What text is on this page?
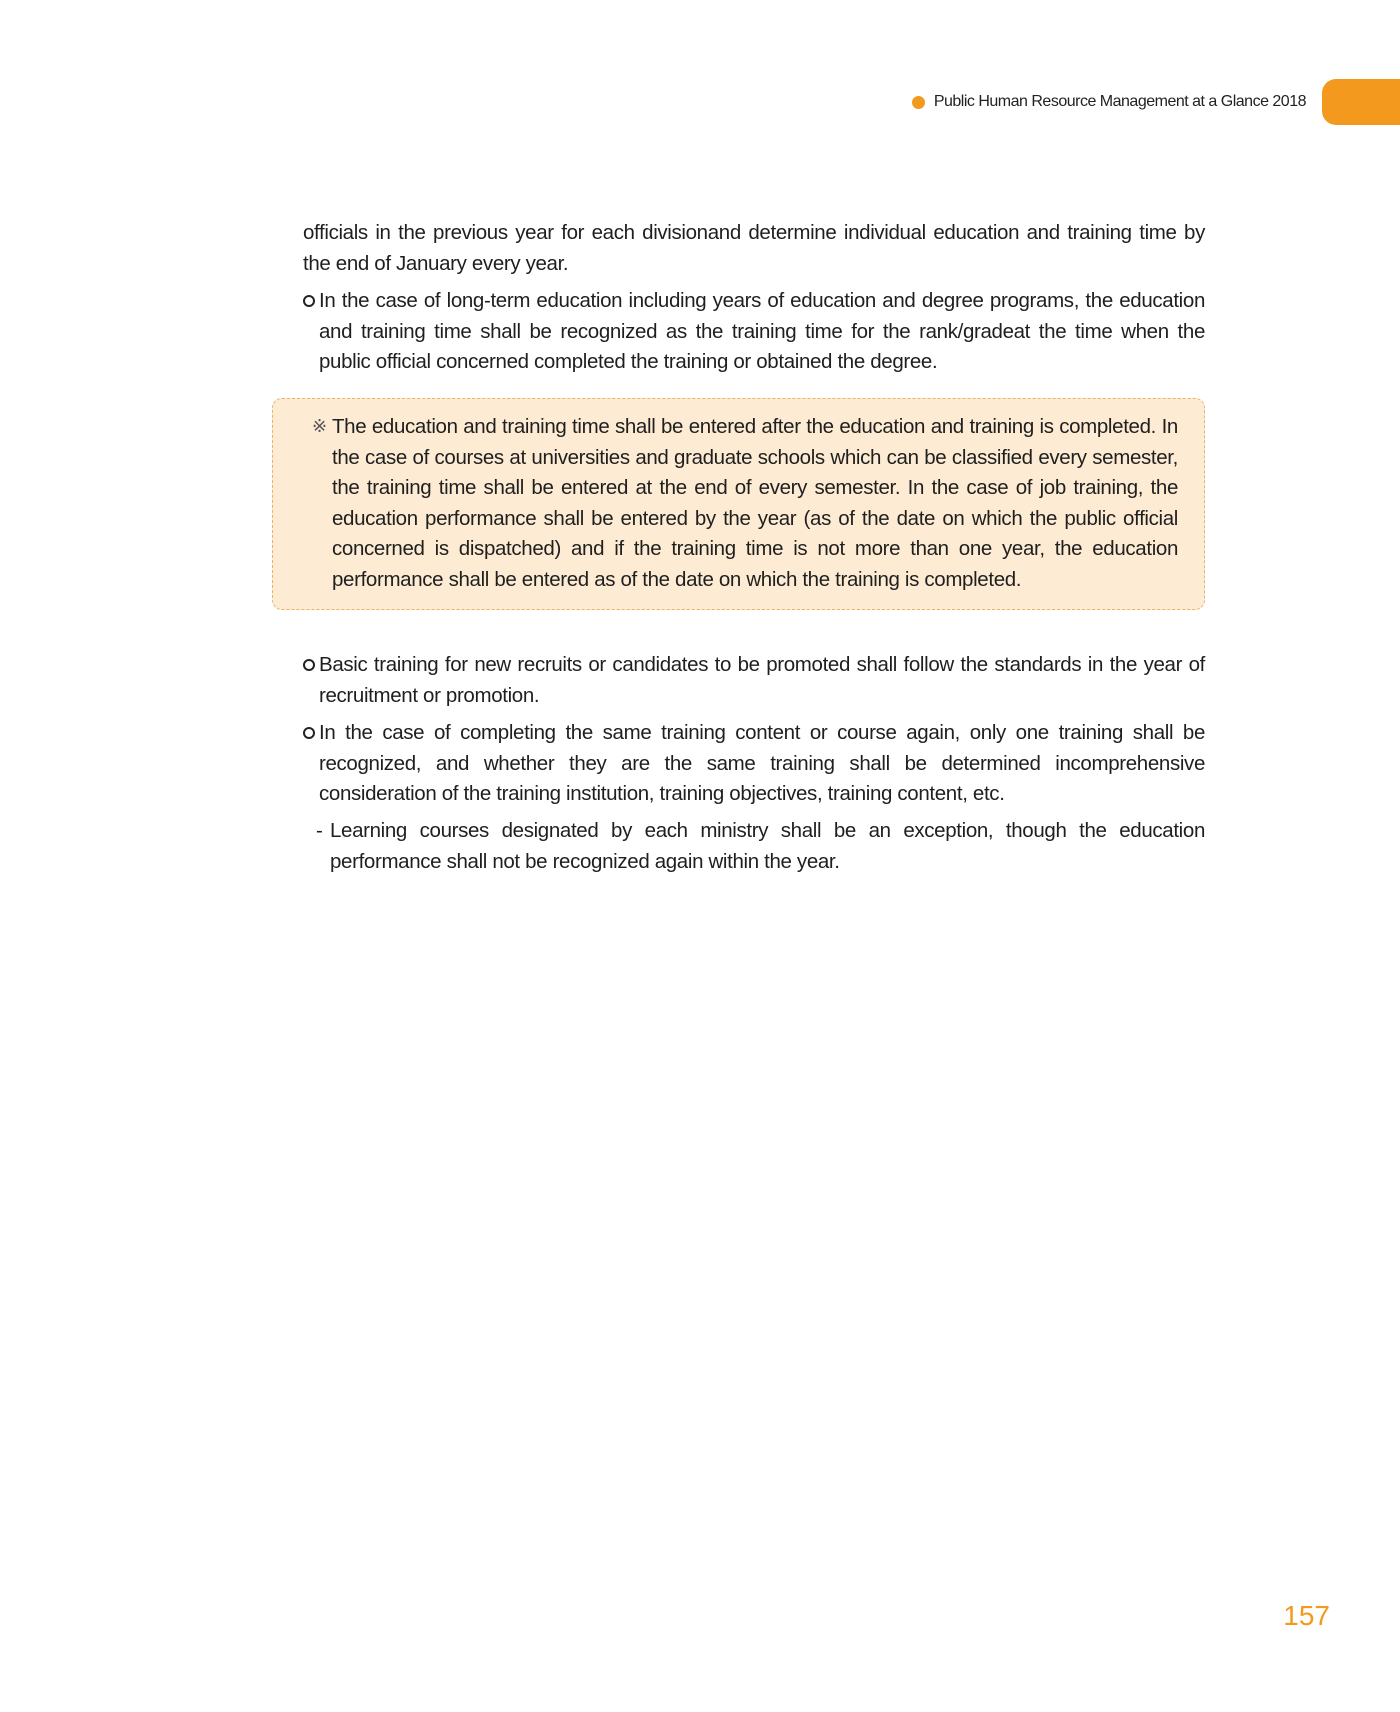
Public Human Resource Management at a Glance 2018

officials in the previous year for each divisionand determine individual education and training time by the end of January every year.

In the case of long-term education including years of education and degree programs, the education and training time shall be recognized as the training time for the rank/gradeat the time when the public official concerned completed the training or obtained the degree.
※ The education and training time shall be entered after the education and training is completed. In the case of courses at universities and graduate schools which can be classified every semester, the training time shall be entered at the end of every semester. In the case of job training, the education performance shall be entered by the year (as of the date on which the public official concerned is dispatched) and if the training time is not more than one year, the education performance shall be entered as of the date on which the training is completed.
Basic training for new recruits or candidates to be promoted shall follow the standards in the year of recruitment or promotion.
In the case of completing the same training content or course again, only one training shall be recognized, and whether they are the same training shall be determined incomprehensive consideration of the training institution, training objectives, training content, etc.
- Learning courses designated by each ministry shall be an exception, though the education performance shall not be recognized again within the year.
157
